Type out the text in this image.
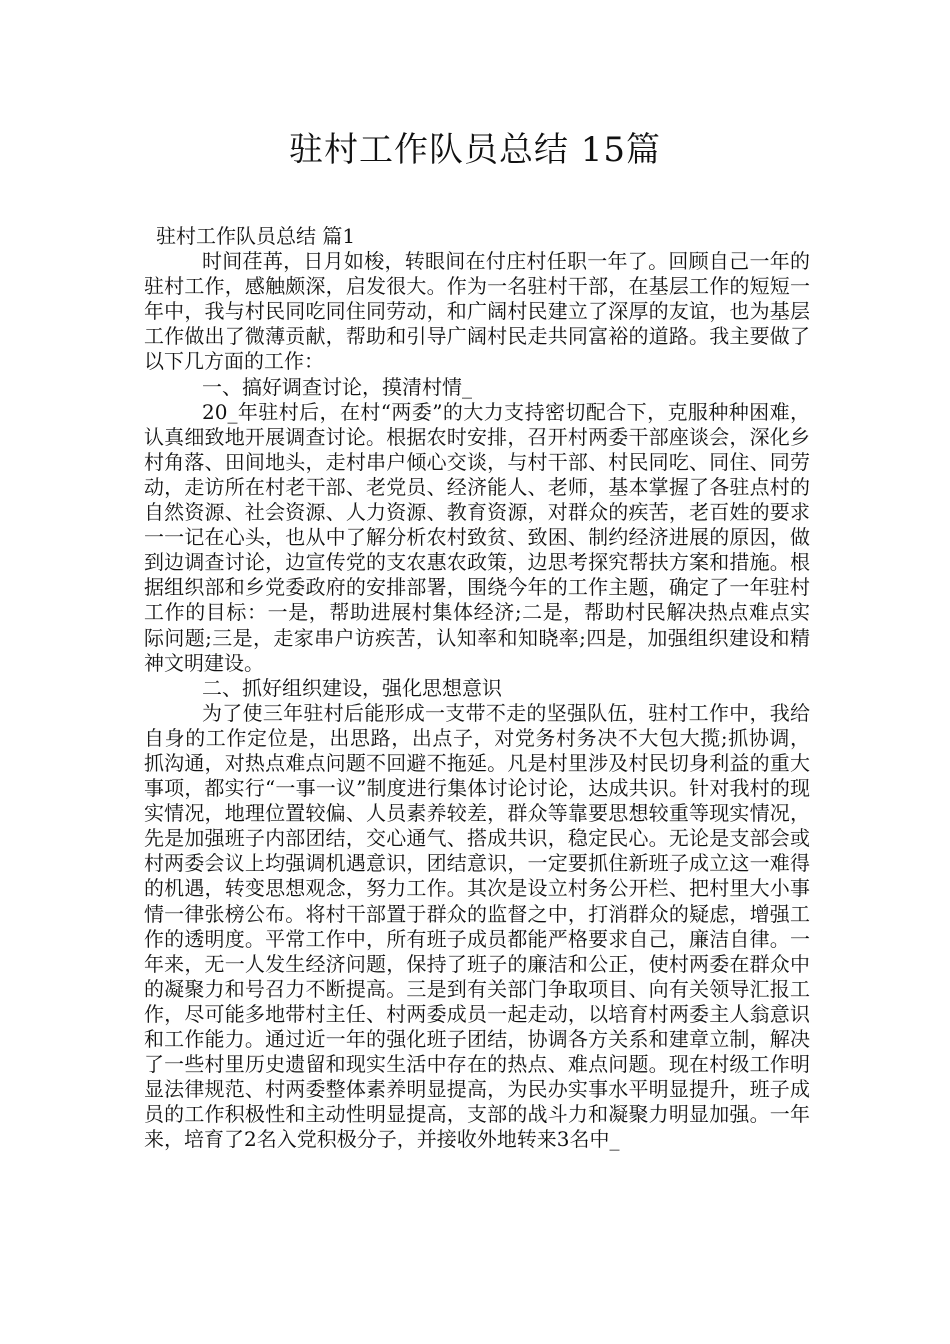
驻村工作队员总结 15篇

驻村工作队员总结 篇1

时间荏苒，日月如梭，转眼间在付庄村任职一年了。回顾自己一年的驻村工作，感触颇深，启发很大。作为一名驻村干部，在基层工作的短短一年中，我与村民同吃同住同劳动，和广阔村民建立了深厚的友谊，也为基层工作做出了微薄贡献，帮助和引导广阔村民走共同富裕的道路。我主要做了以下几方面的工作：

一、搞好调查讨论，摸清村情_

20_年驻村后，在村“两委”的大力支持密切配合下，克服种种困难，认真细致地开展调查讨论。根据农时安排，召开村两委干部座谈会，深化乡村角落、田间地头，走村串户倾心交谈，与村干部、村民同吃、同住、同劳动，走访所在村老干部、老党员、经济能人、老师，基本掌握了各驻点村的自然资源、社会资源、人力资源、教育资源，对群众的疾苦，老百姓的要求一一记在心头，也从中了解分析农村致贫、致困、制约经济进展的原因，做到边调查讨论，边宣传党的支农惠农政策，边思考探究帮扶方案和措施。根据组织部和乡党委政府的安排部署，围绕今年的工作主题，确定了一年驻村工作的目标：一是，帮助进展村集体经济;二是，帮助村民解决热点难点实际问题;三是，走家串户访疾苦，认知率和知晓率;四是，加强组织建设和精神文明建设。

二、抓好组织建设，强化思想意识

为了使三年驻村后能形成一支带不走的坚强队伍，驻村工作中，我给自身的工作定位是，出思路，出点子，对党务村务决不大包大揽;抓协调，抓沟通，对热点难点问题不回避不拖延。凡是村里涉及村民切身利益的重大事项，都实行“一事一议”制度进行集体讨论讨论，达成共识。针对我村的现实情况，地理位置较偏、人员素养较差，群众等靠要思想较重等现实情况，先是加强班子内部团结，交心通气、搭成共识，稳定民心。无论是支部会或村两委会议上均强调机遇意识，团结意识，一定要抓住新班子成立这一难得的机遇，转变思想观念，努力工作。其次是设立村务公开栏、把村里大小事情一律张榜公布。将村干部置于群众的监督之中，打消群众的疑虑，增强工作的透明度。平常工作中，所有班子成员都能严格要求自己，廉洁自律。一年来，无一人发生经济问题，保持了班子的廉洁和公正，使村两委在群众中的凝聚力和号召力不断提高。三是到有关部门争取项目、向有关领导汇报工作，尽可能多地带村主任、村两委成员一起走动，以培育村两委主人翁意识和工作能力。通过近一年的强化班子团结，协调各方关系和建章立制，解决了一些村里历史遗留和现实生活中存在的热点、难点问题。现在村级工作明显法律规范、村两委整体素养明显提高，为民办实事水平明显提升，班子成员的工作积极性和主动性明显提高，支部的战斗力和凝聚力明显加强。一年来，培育了2名入党积极分子，并接收外地转来3名中_
